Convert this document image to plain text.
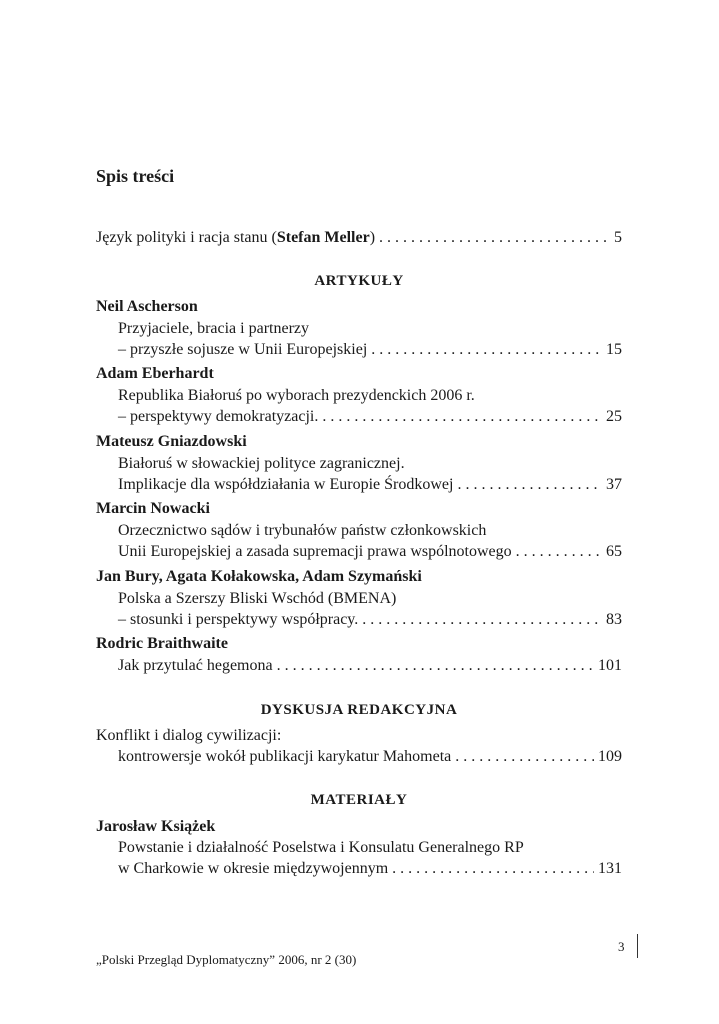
Spis treści
Język polityki i racja stanu (Stefan Meller) . . .	5
ARTYKUŁY
Neil Ascherson
Przyjaciele, bracia i partnerzy
– przyszłe sojusze w Unii Europejskiej . . .	15
Adam Eberhardt
Republika Białoruś po wyborach prezydenckich 2006 r.
– perspektywy demokratyzacji. . . .	25
Mateusz Gniazdowski
Białoruś w słowackiej polityce zagranicznej.
Implikacje dla współdziałania w Europie Środkowej . . .	37
Marcin Nowacki
Orzecznictwo sądów i trybunałów państw członkowskich
Unii Europejskiej a zasada supremacji prawa wspólnotowego . . .	65
Jan Bury, Agata Kołakowska, Adam Szymański
Polska a Szerszy Bliski Wschód (BMENA)
– stosunki i perspektywy współpracy. . . .	83
Rodric Braithwaite
Jak przytulać hegemona . . .	101
DYSKUSJA REDAKCYJNA
Konflikt i dialog cywilizacji:
kontrowersje wokół publikacji karykatur Mahometa . . .	109
MATERIAŁY
Jarosław Książek
Powstanie i działalność Poselstwa i Konsulatu Generalnego RP
w Charkowie w okresie międzywojennym . . .	131
3
„Polski Przegląd Dyplomatyczny” 2006, nr 2 (30)
